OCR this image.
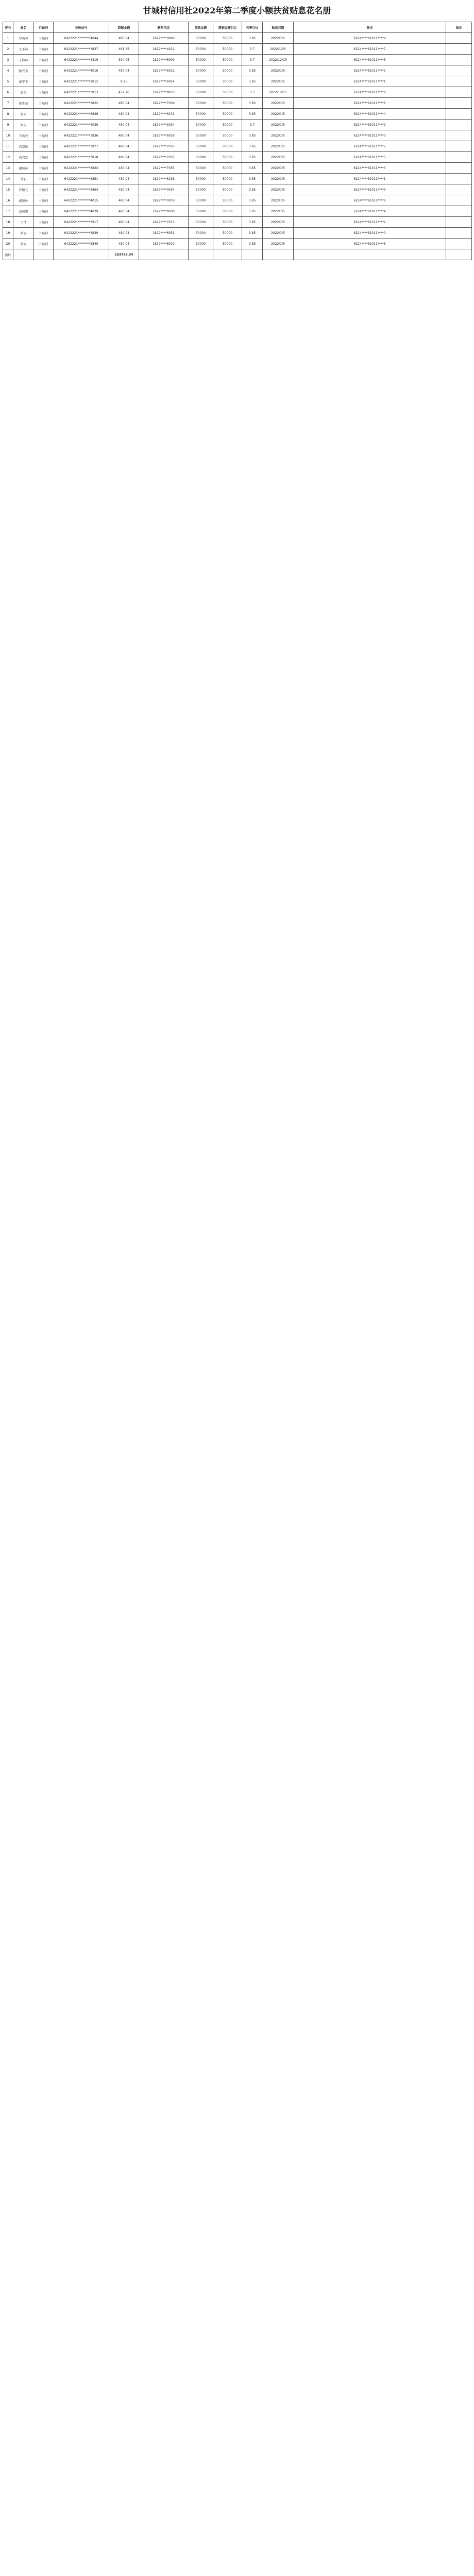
甘城村信用社2022年第二季度小额扶贫贴息花名册
序号	姓名	行政村	身份证号	到账金额	联系电话	贷款金额	借据金额(元)	利率(%)	贴息日期	备注	备注
1	罗凤英	甘城村	6422221********4044	480.04	1829****0000	50000	50000	3.85	2022/1/5	6224****81011****9	
2	尤玉林	甘城村	6422221********3837	461.35	1829****4012	50000	50000	3.7	2022/12/5	6224****81011****7	
3	王海林	甘城村	6422221********4319	394.05	1829****6009	50000	50000	3.7	2022/12/15	6224****81011****5	
4	杨兴全	甘城村	6422221********4016	480.04	1829****6012	50000	50000	3.85	2022/1/5	6224****81011****3	
5	秦宁平	甘城村	6422221********2012	9.25	1829****6054	50000	50000	3.85	2022/1/5	6224****81011****1	
6	张福	甘城村	6422221********3813	472.76	1829****8033	50000	50000	3.7	2022/12/15	6224****81011****8	
7	徐生荣	甘城村	6422221********3822	480.04	1829****7039	50000	50000	3.85	2022/1/5	6224****81011****6	
8	秦公	甘城村	6422221********3846	480.04	1829****6131	50000	50000	3.85	2022/1/5	6224****81011****4	
9	秦入	甘城村	6422221********4039	480.04	1829****3034	50000	50000	3.7	2022/1/5	6224****81011****2	
10	王凤亮	甘城村	6422221********3836	480.04	1829****6018	50000	50000	3.85	2022/1/5	6224****81011****0	
11	尚宗凤	甘城村	6422221********3877	480.04	1829****7035	50000	50000	3.85	2022/1/5	6224****81011****7	
12	尚兴发	甘城村	6422221********3818	480.04	1829****7037	50000	50000	3.85	2022/1/5	6224****81011****5	
13	谢凤林	甘城村	6422221********3834	480.04	1829****7055	50000	50000	3.85	2022/1/5	6224****81011****3	
14	徐彩	甘城村	6422221********3851	480.04	1829****8136	50000	50000	3.85	2022/1/5	6224****81011****1	
15	罗顺元	甘城村	6422221********3864	480.04	1829****0034	50000	50000	3.85	2022/1/5	6224****81011****9	
16	秦建林	甘城村	6422221********4015	480.04	1829****0019	50000	50000	3.85	2022/1/5	6224****81011****6	
17	高凤明	甘城村	6422221********4039	480.04	1829****8038	50000	50000	3.85	2022/1/5	6224****81011****4	
18	王伟	甘城村	6422221********3917	480.04	1829****7013	50000	50000	3.85	2022/1/5	6224****81011****2	
19	罗喜	甘城村	6422221********3839	480.04	1829****6051	50000	50000	3.85	2022/1/5	6224****81011****0	
20	罗丽	甘城村	6422221********3840	480.04	1829****8010	50000	50000	3.85	2022/1/5	6224****81011****8	
合计				103786.34							
